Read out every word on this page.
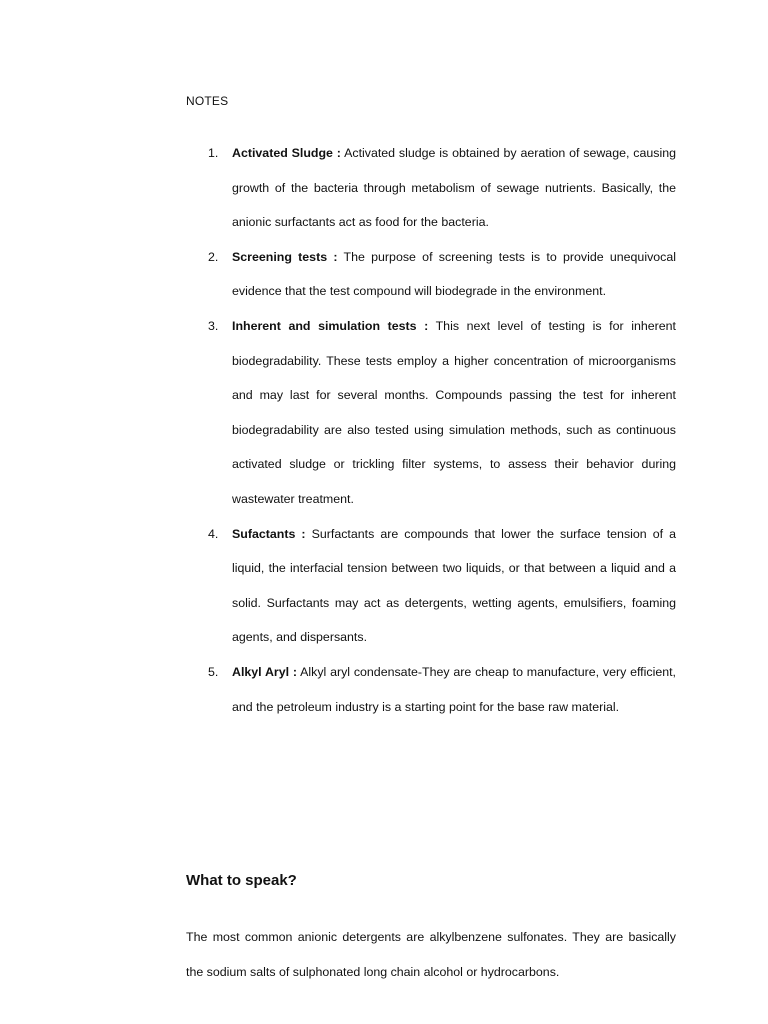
NOTES
1. Activated Sludge : Activated sludge is obtained by aeration of sewage, causing growth of the bacteria through metabolism of sewage nutrients. Basically, the anionic surfactants act as food for the bacteria.
2. Screening tests : The purpose of screening tests is to provide unequivocal evidence that the test compound will biodegrade in the environment.
3. Inherent and simulation tests : This next level of testing is for inherent biodegradability. These tests employ a higher concentration of microorganisms and may last for several months. Compounds passing the test for inherent biodegradability are also tested using simulation methods, such as continuous activated sludge or trickling filter systems, to assess their behavior during wastewater treatment.
4. Sufactants : Surfactants are compounds that lower the surface tension of a liquid, the interfacial tension between two liquids, or that between a liquid and a solid. Surfactants may act as detergents, wetting agents, emulsifiers, foaming agents, and dispersants.
5. Alkyl Aryl : Alkyl aryl condensate-They are cheap to manufacture, very efficient, and the petroleum industry is a starting point for the base raw material.
What to speak?

The most common anionic detergents are alkylbenzene sulfonates. They are basically the sodium salts of sulphonated long chain alcohol or hydrocarbons.
